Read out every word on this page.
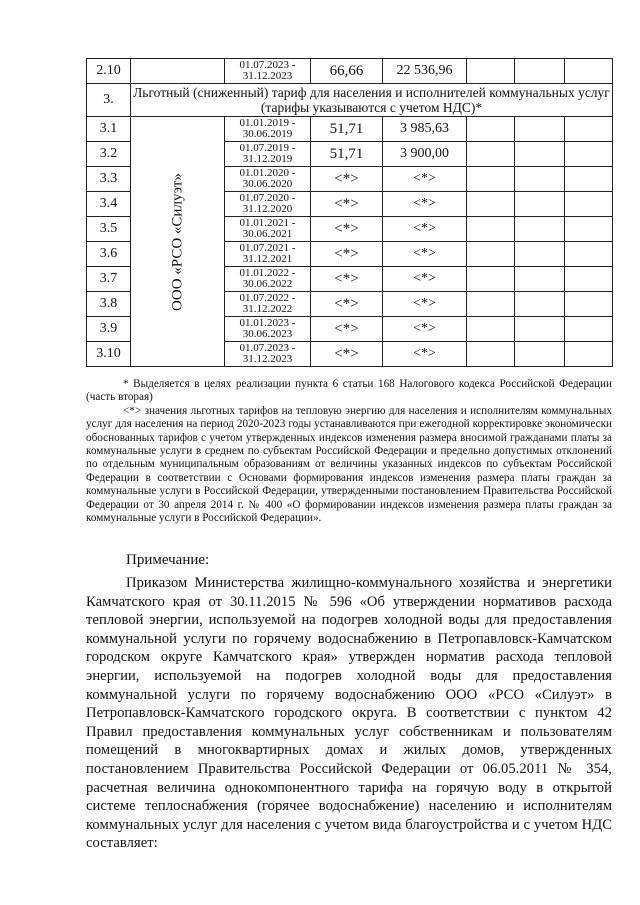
2.10		01.07.2023 -
31.12.2023	66,66	22 536,96			
3.	Льготный (сниженный) тариф для населения и исполнителей коммунальных услуг (тарифы указываются с учетом НДС)*						
3.1	ООО «РСО «Силуэт»	01.01.2019 -
30.06.2019	51,71	3 985,63			
3.2		01.07.2019 -
31.12.2019	51,71	3 900,00			
3.3		01.01.2020 -
30.06.2020	<*>	<*>			
3.4		01.07.2020 -
31.12.2020	<*>	<*>			
3.5		01.01.2021 -
30.06.2021	<*>	<*>			
3.6		01.07.2021 -
31.12.2021	<*>	<*>			
3.7		01.01.2022 -
30.06.2022	<*>	<*>			
3.8		01.07.2022 -
31.12.2022	<*>	<*>			
3.9		01.01.2023 -
30.06.2023	<*>	<*>			
3.10		01.07.2023 -
31.12.2023	<*>	<*>			

* Выделяется в целях реализации пункта 6 статьи 168 Налогового кодекса Российской Федерации (часть вторая)

<*> значения льготных тарифов на тепловую энергию для населения и исполнителям коммунальных услуг для населения на период 2020-2023 годы устанавливаются при ежегодной корректировке экономически обоснованных тарифов с учетом утвержденных индексов изменения размера вносимой гражданами платы за коммунальные услуги в среднем по субъектам Российской Федерации и предельно допустимых отклонений по отдельным муниципальным образованиям от величины указанных индексов по субъектам Российской Федерации в соответствии с Основами формирования индексов изменения размера платы граждан за коммунальные услуги в Российской Федерации, утвержденными постановлением Правительства Российской Федерации от 30 апреля 2014 г. № 400 «О формировании индексов изменения размера платы граждан за коммунальные услуги в Российской Федерации».

Примечание:

Приказом Министерства жилищно-коммунального хозяйства и энергетики Камчатского края от 30.11.2015 № 596 «Об утверждении нормативов расхода тепловой энергии, используемой на подогрев холодной воды для предоставления коммунальной услуги по горячему водоснабжению в Петропавловск-Камчатском городском округе Камчатского края» утвержден норматив расхода тепловой энергии, используемой на подогрев холодной воды для предоставления коммунальной услуги по горячему водоснабжению ООО «РСО «Силуэт» в Петропавловск-Камчатского городского округа. В соответствии с пунктом 42 Правил предоставления коммунальных услуг собственникам и пользователям помещений в многоквартирных домах и жилых домов, утвержденных постановлением Правительства Российской Федерации от 06.05.2011 № 354, расчетная величина однокомпонентного тарифа на горячую воду в открытой системе теплоснабжения (горячее водоснабжение) населению и исполнителям коммунальных услуг для населения с учетом вида благоустройства и с учетом НДС составляет:
